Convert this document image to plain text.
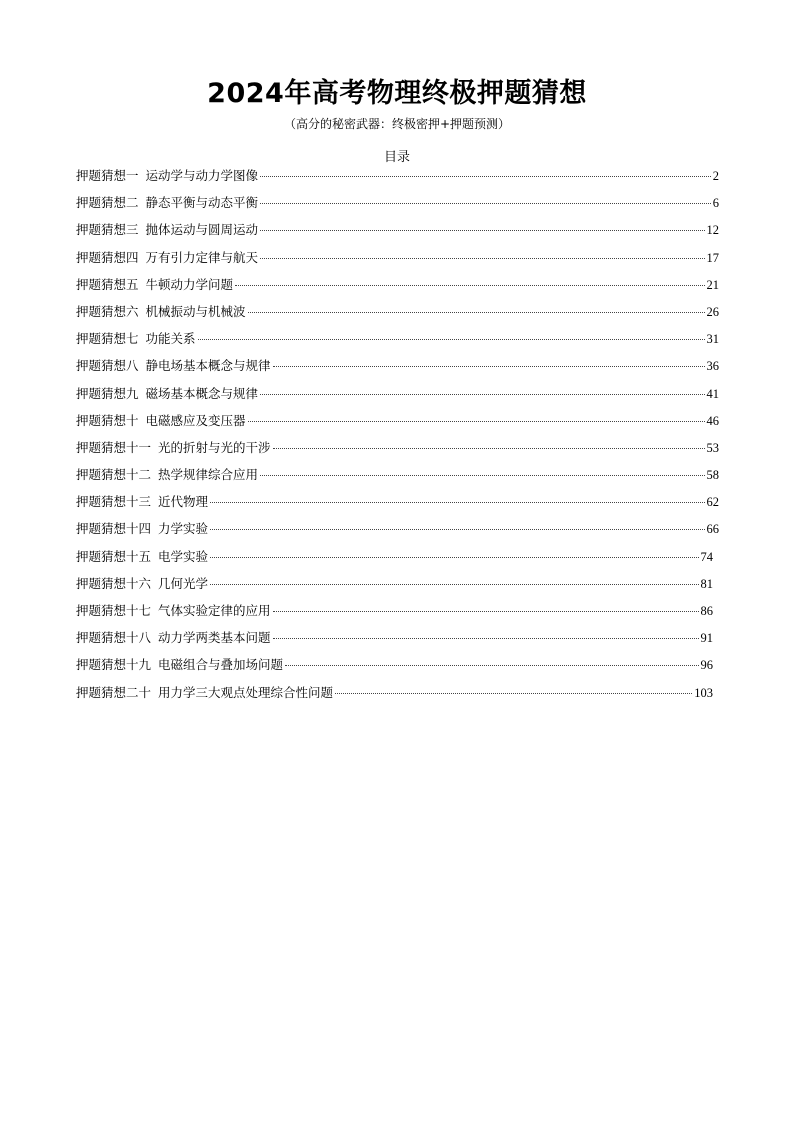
2024年高考物理终极押题猜想
（高分的秘密武器：终极密押+押题预测）
目录
押题猜想一 运动学与动力学图像	2
押题猜想二 静态平衡与动态平衡	6
押题猜想三 抛体运动与圆周运动	12
押题猜想四 万有引力定律与航天	17
押题猜想五 牛顿动力学问题	21
押题猜想六 机械振动与机械波	26
押题猜想七 功能关系	31
押题猜想八 静电场基本概念与规律	36
押题猜想九 磁场基本概念与规律	41
押题猜想十 电磁感应及变压器	46
押题猜想十一 光的折射与光的干涉	53
押题猜想十二 热学规律综合应用	58
押题猜想十三 近代物理	62
押题猜想十四 力学实验	66
押题猜想十五 电学实验	74
押题猜想十六 几何光学	81
押题猜想十七 气体实验定律的应用	86
押题猜想十八 动力学两类基本问题	91
押题猜想十九 电磁组合与叠加场问题	96
押题猜想二十 用力学三大观点处理综合性问题	103
